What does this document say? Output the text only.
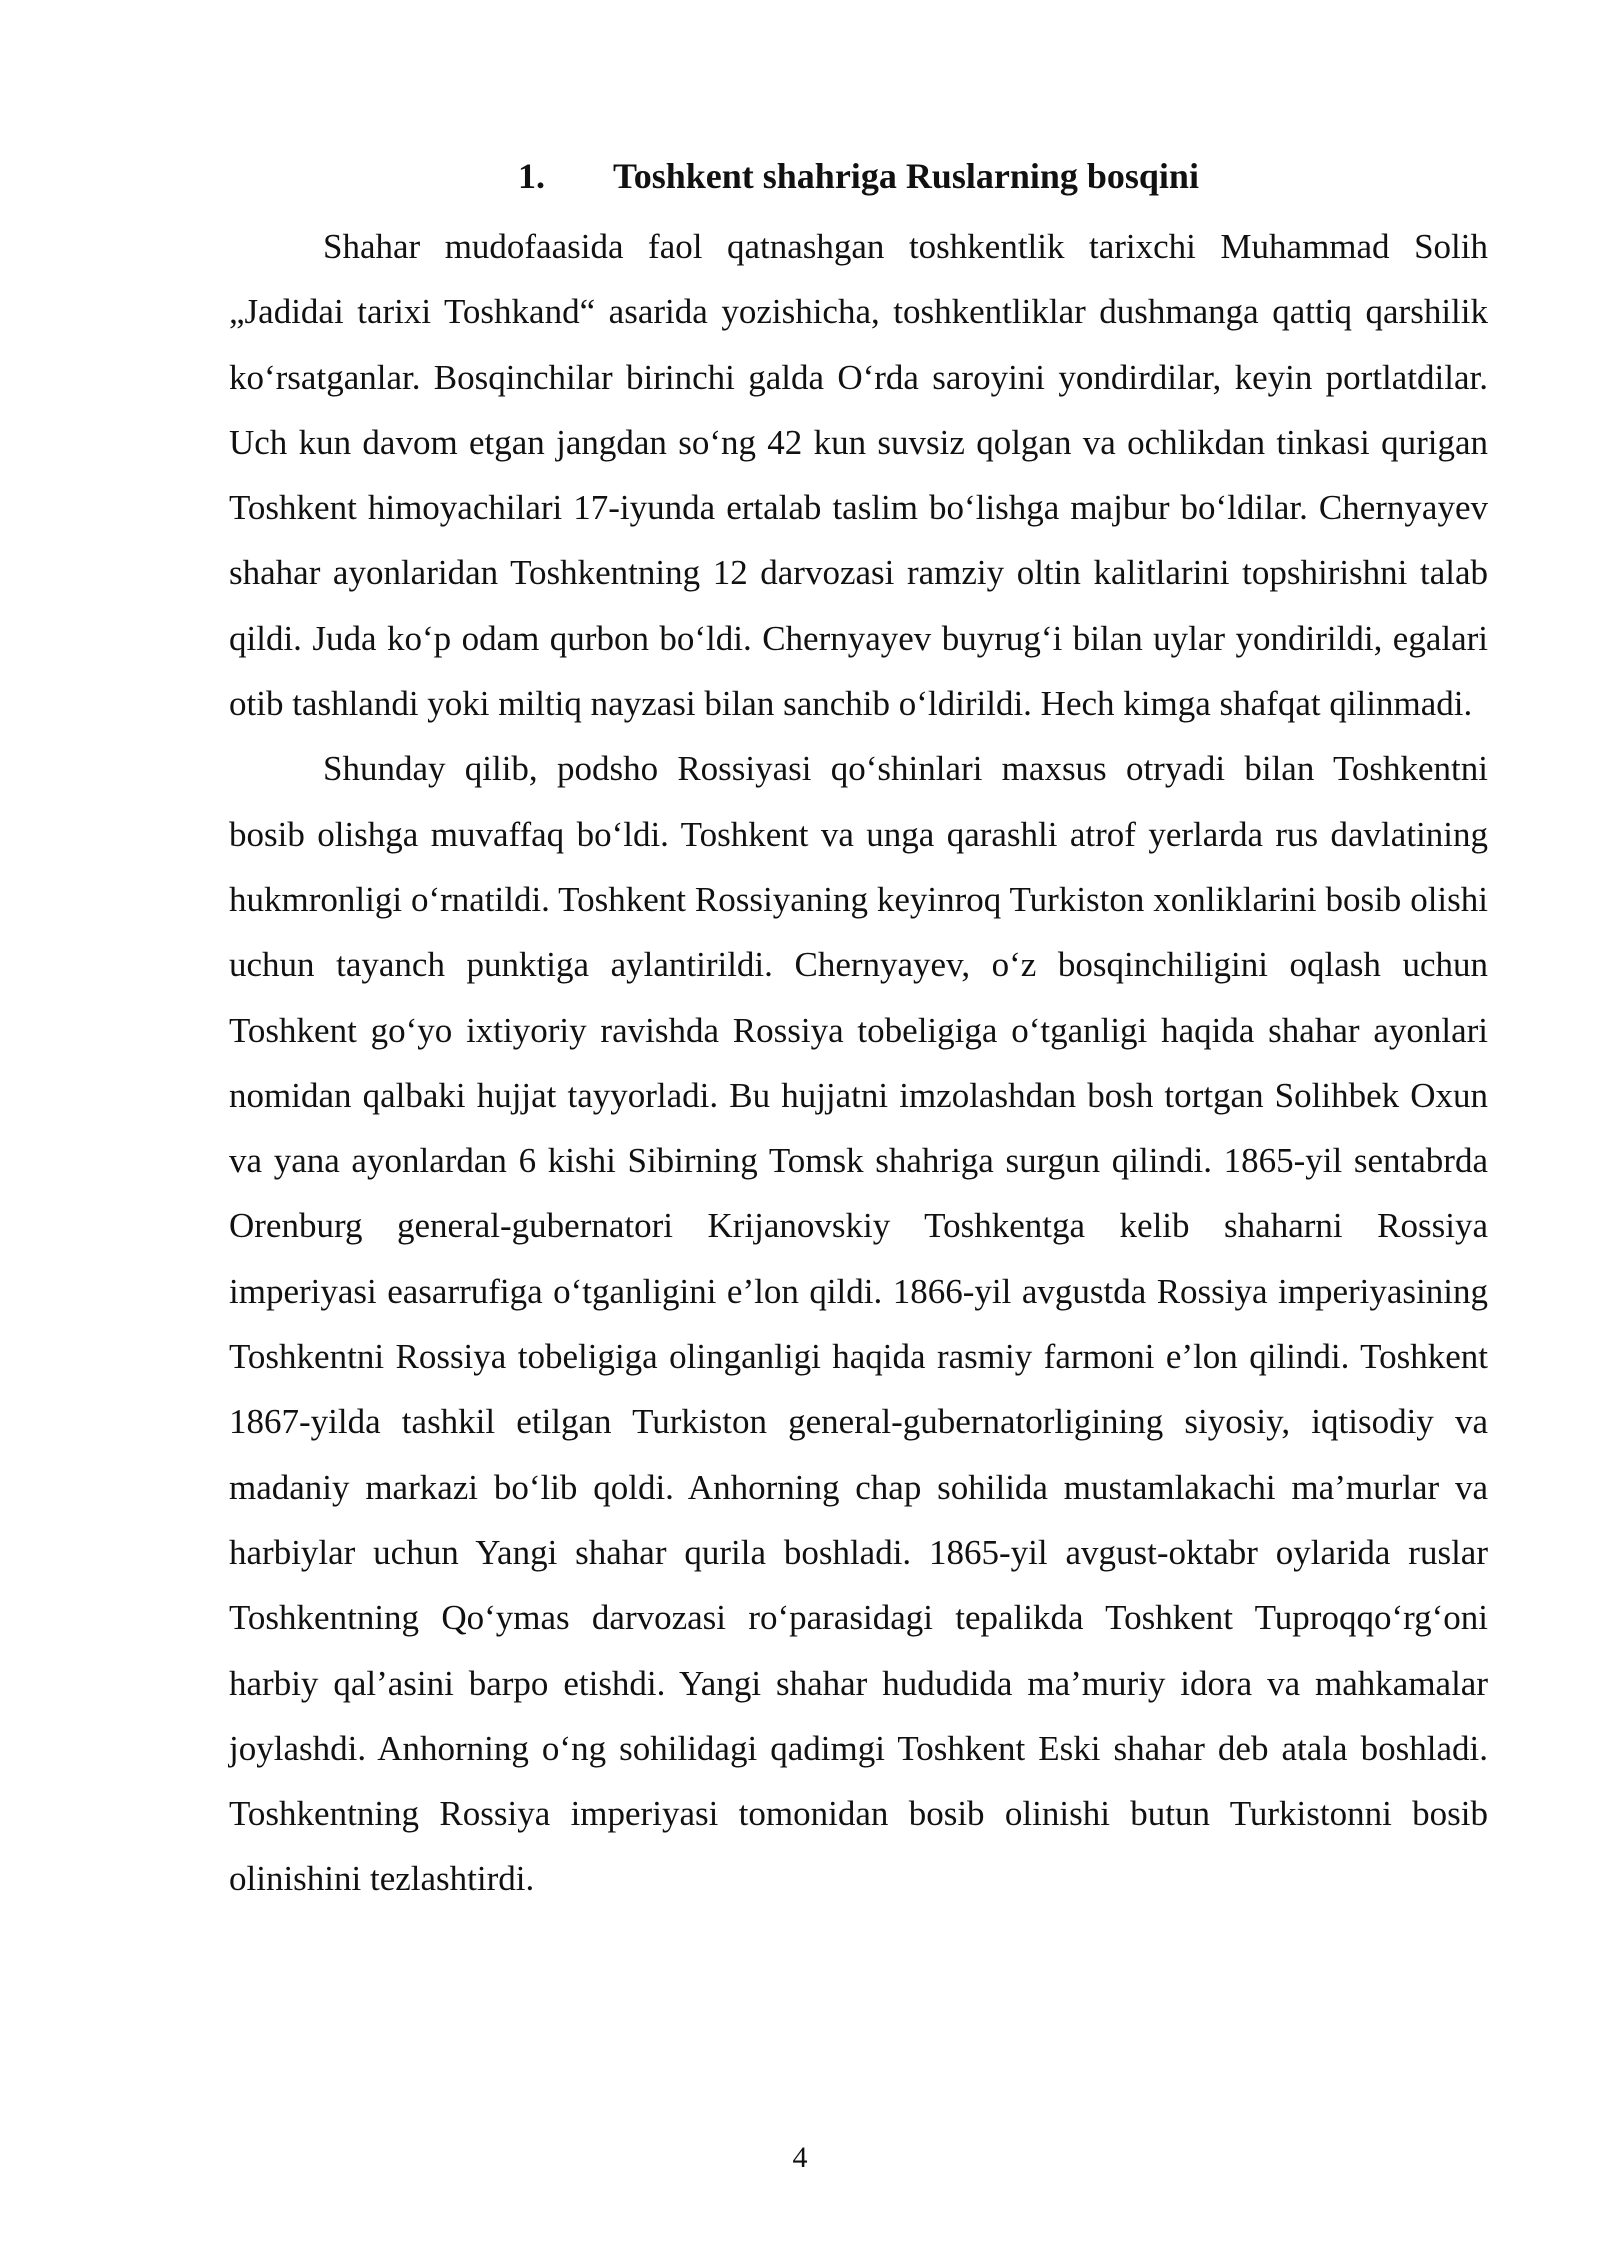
1. Toshkent shahriga Ruslarning bosqini

Shahar mudofaasida faol qatnashgan toshkentlik tarixchi Muhammad Solih „Jadidai tarixi Toshkand“ asarida yozishicha, toshkentliklar dushmanga qattiq qarshilik ko‘rsatganlar. Bosqinchilar birinchi galda O‘rda saroyini yondirdilar, keyin portlatdilar. Uch kun davom etgan jangdan so‘ng 42 kun suvsiz qolgan va ochlikdan tinkasi qurigan Toshkent himoyachilari 17-iyunda ertalab taslim bo‘lishga majbur bo‘ldilar. Chernyayev shahar ayonlaridan Toshkentning 12 darvozasi ramziy oltin kalitlarini topshirishni talab qildi. Juda ko‘p odam qurbon bo‘ldi. Chernyayev buyrug‘i bilan uylar yondirildi, egalari otib tashlandi yoki miltiq nayzasi bilan sanchib o‘ldirildi. Hech kimga shafqat qilinmadi.

Shunday qilib, podsho Rossiyasi qo‘shinlari maxsus otryadi bilan Toshkentni bosib olishga muvaffaq bo‘ldi. Toshkent va unga qarashli atrof yerlarda rus davlatining hukmronligi o‘rnatildi. Toshkent Rossiyaning keyinroq Turkiston xonliklarini bosib olishi uchun tayanch punktiga aylantirildi. Chernyayev, o‘z bosqinchiligini oqlash uchun Toshkent go‘yo ixtiyoriy ravishda Rossiya tobeligiga o‘tganligi haqida shahar ayonlari nomidan qalbaki hujjat tayyorladi. Bu hujjatni imzolashdan bosh tortgan Solihbek Oxun va yana ayonlardan 6 kishi Sibirning Tomsk shahriga surgun qilindi. 1865-yil sentabrda Orenburg general-gubernatori Krijanovskiy Toshkentga kelib shaharni Rossiya imperiyasi easarrufiga o‘tganligini e’lon qildi. 1866-yil avgustda Rossiya imperiyasining Toshkentni Rossiya tobeligiga olinganligi haqida rasmiy farmoni e’lon qilindi. Toshkent 1867-yilda tashkil etilgan Turkiston general-gubernatorligining siyosiy, iqtisodiy va madaniy markazi bo‘lib qoldi. Anhorning chap sohilida mustamlakachi ma’murlar va harbiylar uchun Yangi shahar qurila boshladi. 1865-yil avgust-oktabr oylarida ruslar Toshkentning Qo‘ymas darvozasi ro‘parasidagi tepalikda Toshkent Tuproqqo‘rg‘oni harbiy qal’asini barpo etishdi. Yangi shahar hududida ma’muriy idora va mahkamalar joylashdi. Anhorning o‘ng sohilidagi qadimgi Toshkent Eski shahar deb atala boshladi. Toshkentning Rossiya imperiyasi tomonidan bosib olinishi butun Turkistonni bosib olinishini tezlashtirdi.

4
